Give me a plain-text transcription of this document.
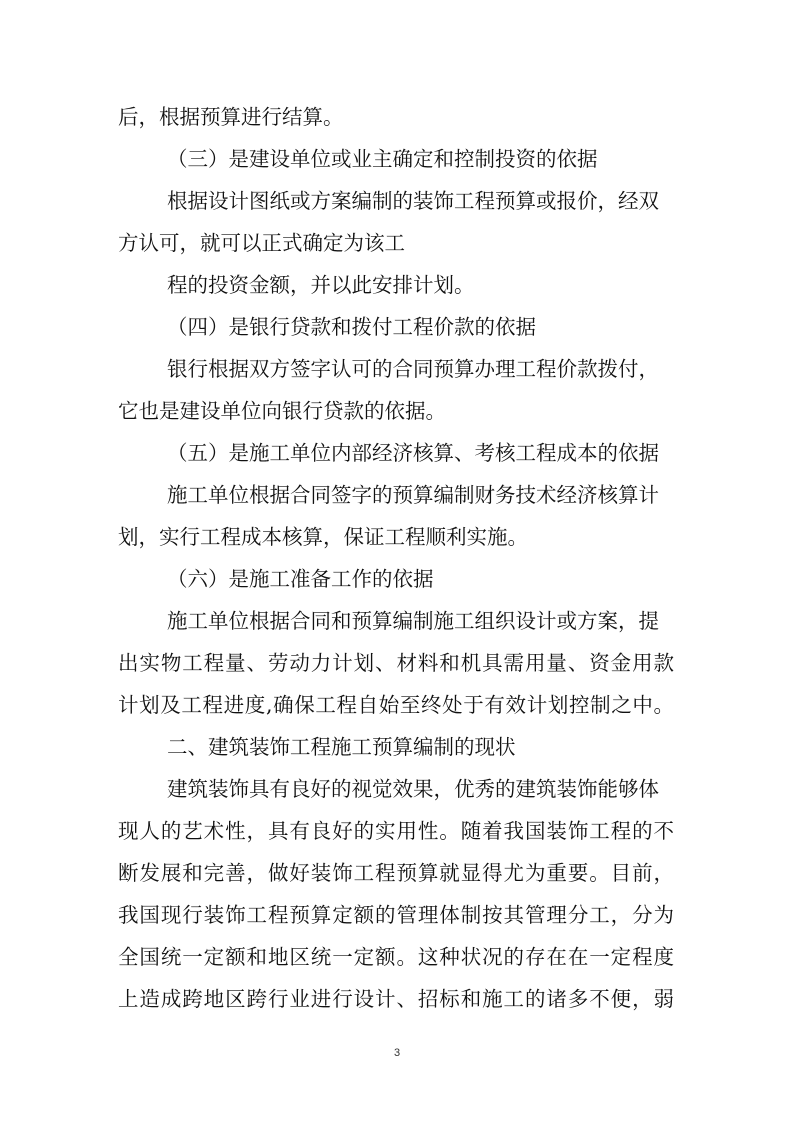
后，根据预算进行结算。
（三）是建设单位或业主确定和控制投资的依据
根据设计图纸或方案编制的装饰工程预算或报价，经双
方认可，就可以正式确定为该工
程的投资金额，并以此安排计划。
（四）是银行贷款和拨付工程价款的依据
银行根据双方签字认可的合同预算办理工程价款拨付，
它也是建设单位向银行贷款的依据。
（五）是施工单位内部经济核算、考核工程成本的依据
施工单位根据合同签字的预算编制财务技术经济核算计
划，实行工程成本核算，保证工程顺利实施。
（六）是施工准备工作的依据
施工单位根据合同和预算编制施工组织设计或方案，提
出实物工程量、劳动力计划、材料和机具需用量、资金用款
计划及工程进度,确保工程自始至终处于有效计划控制之中。
二、建筑装饰工程施工预算编制的现状
建筑装饰具有良好的视觉效果，优秀的建筑装饰能够体
现人的艺术性，具有良好的实用性。随着我国装饰工程的不
断发展和完善，做好装饰工程预算就显得尤为重要。目前，
我国现行装饰工程预算定额的管理体制按其管理分工，分为
全国统一定额和地区统一定额。这种状况的存在在一定程度
上造成跨地区跨行业进行设计、招标和施工的诸多不便，弱
3
